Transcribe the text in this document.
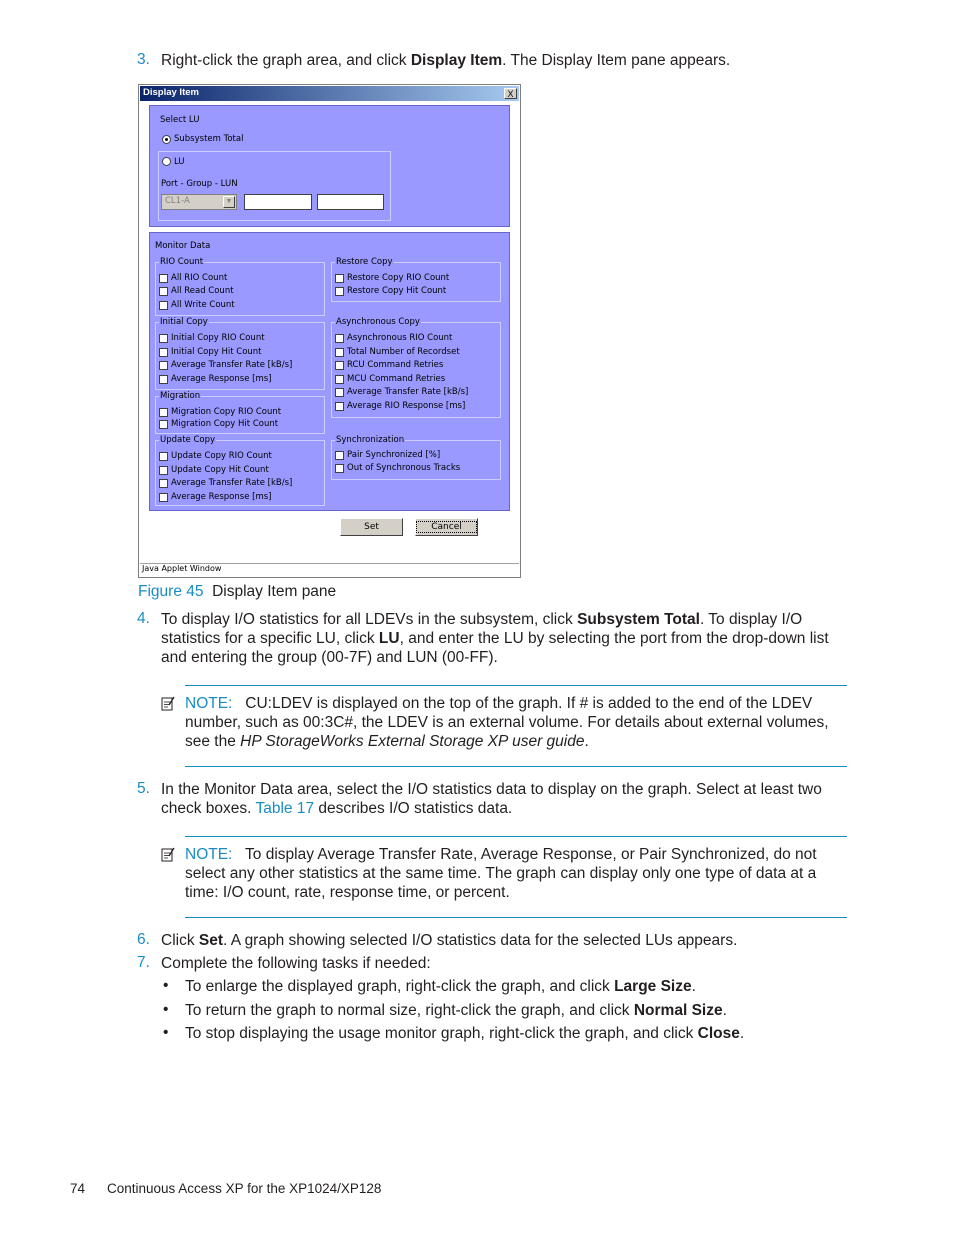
3. Right-click the graph area, and click Display Item. The Display Item pane appears.
Display Item	X
Select LU
Subsystem Total
LU
Port - Group - LUN
CL1-A	▼
Monitor Data
RIO Count
All RIO Count
All Read Count
All Write Count
Restore Copy
Restore Copy RIO Count
Restore Copy Hit Count
Initial Copy
Initial Copy RIO Count
Initial Copy Hit Count
Average Transfer Rate [kB/s]
Average Response [ms]
Asynchronous Copy
Asynchronous RIO Count
Total Number of Recordset
RCU Command Retries
MCU Command Retries
Average Transfer Rate [kB/s]
Average RIO Response [ms]
Migration
Migration Copy RIO Count
Migration Copy Hit Count
Update Copy
Update Copy RIO Count
Update Copy Hit Count
Average Transfer Rate [kB/s]
Average Response [ms]
Synchronization
Pair Synchronized [%]
Out of Synchronous Tracks
Set	Cancel
Java Applet Window
Figure 45 Display Item pane
4. To display I/O statistics for all LDEVs in the subsystem, click Subsystem Total. To display I/O statistics for a specific LU, click LU, and enter the LU by selecting the port from the drop-down list and entering the group (00-7F) and LUN (00-FF).
NOTE: CU:LDEV is displayed on the top of the graph. If # is added to the end of the LDEV number, such as 00:3C#, the LDEV is an external volume. For details about external volumes, see the HP StorageWorks External Storage XP user guide.
5. In the Monitor Data area, select the I/O statistics data to display on the graph. Select at least two check boxes. Table 17 describes I/O statistics data.
NOTE: To display Average Transfer Rate, Average Response, or Pair Synchronized, do not select any other statistics at the same time. The graph can display only one type of data at a time: I/O count, rate, response time, or percent.
6. Click Set. A graph showing selected I/O statistics data for the selected LUs appears.
7. Complete the following tasks if needed:
• To enlarge the displayed graph, right-click the graph, and click Large Size.
• To return the graph to normal size, right-click the graph, and click Normal Size.
• To stop displaying the usage monitor graph, right-click the graph, and click Close.
74 Continuous Access XP for the XP1024/XP128
